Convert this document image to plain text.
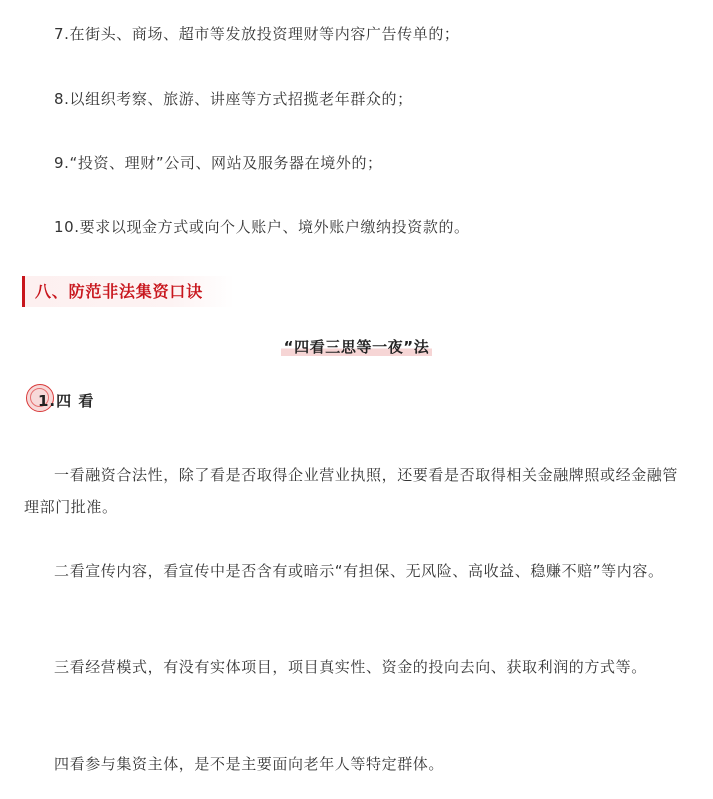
7.在街头、商场、超市等发放投资理财等内容广告传单的；

8.以组织考察、旅游、讲座等方式招揽老年群众的；

9.“投资、理财”公司、网站及服务器在境外的；

10.要求以现金方式或向个人账户、境外账户缴纳投资款的。

八、防范非法集资口诀
“四看三思等一夜”法
1.四 看

一看融资合法性，除了看是否取得企业营业执照，还要看是否取得相关金融牌照或经金融管理部门批准。

二看宣传内容，看宣传中是否含有或暗示“有担保、无风险、高收益、稳赚不赔”等内容。

三看经营模式，有没有实体项目，项目真实性、资金的投向去向、获取利润的方式等。

四看参与集资主体，是不是主要面向老年人等特定群体。
